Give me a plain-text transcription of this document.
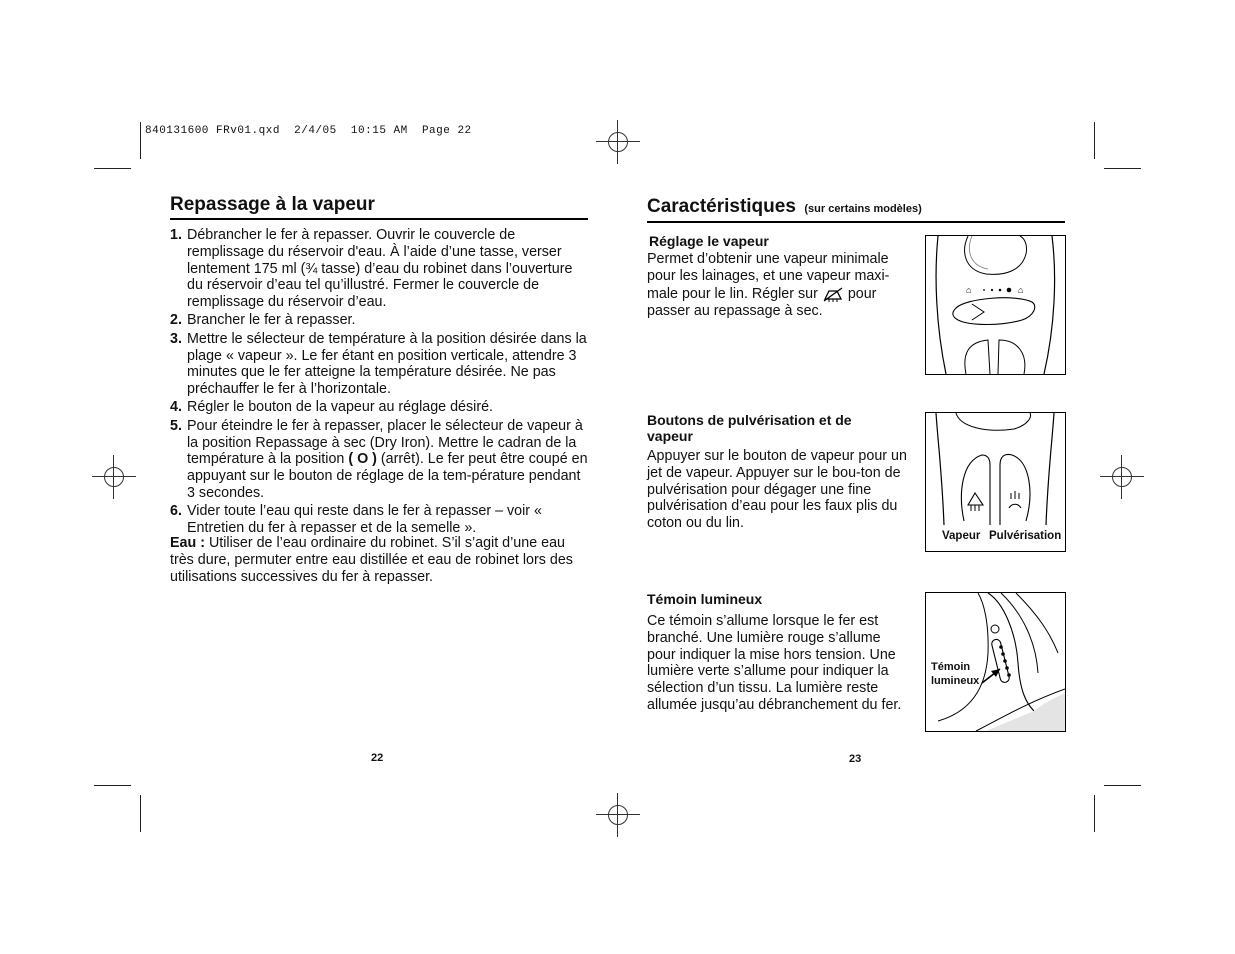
840131600 FRv01.qxd  2/4/05  10:15 AM  Page 22
Repassage à la vapeur
1. Débrancher le fer à repasser. Ouvrir le couvercle de remplissage du réservoir d'eau. À l’aide d’une tasse, verser lentement 175 ml (¾ tasse) d’eau du robinet dans l’ouverture du réservoir d’eau tel qu’illustré. Fermer le couvercle de remplissage du réservoir d’eau.
2. Brancher le fer à repasser.
3. Mettre le sélecteur de température à la position désirée dans la plage « vapeur ». Le fer étant en position verticale, attendre 3 minutes que le fer atteigne la température désirée. Ne pas préchauffer le fer à l’horizontale.
4. Régler le bouton de la vapeur au réglage désiré.
5. Pour éteindre le fer à repasser, placer le sélecteur de vapeur à la position Repassage à sec (Dry Iron). Mettre le cadran de la température à la position ( O ) (arrêt). Le fer peut être coupé en appuyant sur le bouton de réglage de la tem-pérature pendant 3 secondes.
6. Vider toute l’eau qui reste dans le fer à repasser – voir « Entretien du fer à repasser et de la semelle ».
Eau : Utiliser de l’eau ordinaire du robinet. S’il s’agit d’une eau très dure, permuter entre eau distillée et eau de robinet lors des utilisations successives du fer à repasser.
22
Caractéristiques (sur certains modèles)
Réglage le vapeur
Permet d’obtenir une vapeur minimale pour les lainages, et une vapeur maxi-male pour le lin. Régler sur pour passer au repassage à sec.
⌂	⌂
Boutons de pulvérisation et de vapeur
Appuyer sur le bouton de vapeur pour un jet de vapeur. Appuyer sur le bou-ton de pulvérisation pour dégager une fine pulvérisation d’eau pour les faux plis du coton ou du lin.
Vapeur Pulvérisation
Témoin lumineux
Ce témoin s’allume lorsque le fer est branché. Une lumière rouge s’allume pour indiquer la mise hors tension. Une lumière verte s’allume pour indiquer la sélection d’un tissu. La lumière reste allumée jusqu’au débranchement du fer.
Témoin
lumineux
23
